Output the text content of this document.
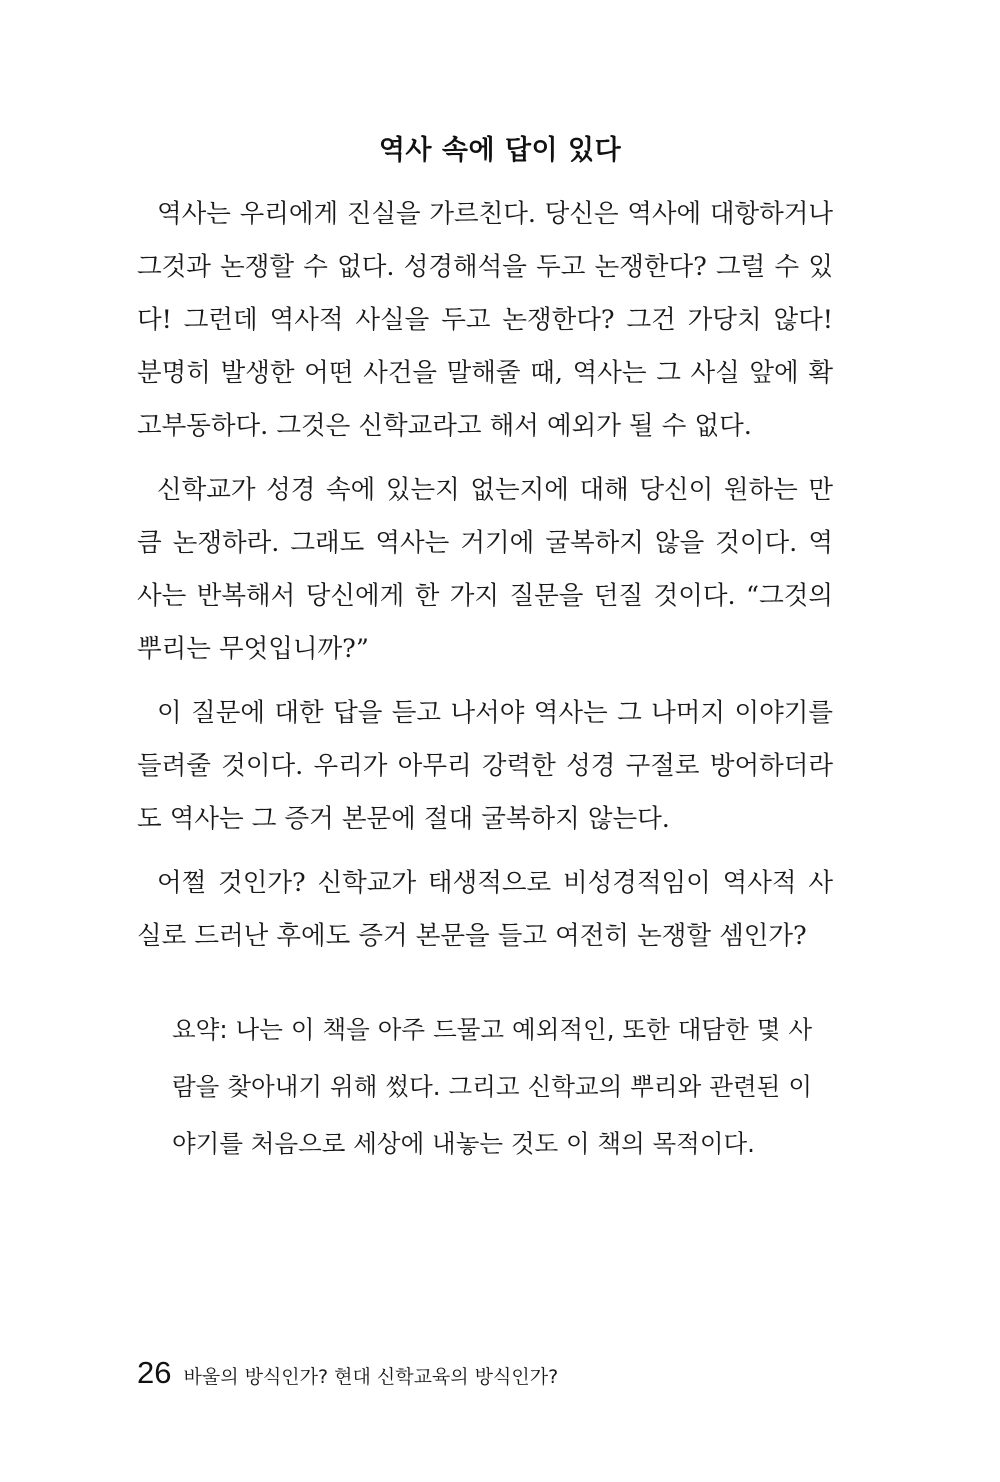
역사 속에 답이 있다

역사는 우리에게 진실을 가르친다. 당신은 역사에 대항하거나 그것과 논쟁할 수 없다. 성경해석을 두고 논쟁한다? 그럴 수 있다! 그런데 역사적 사실을 두고 논쟁한다? 그건 가당치 않다! 분명히 발생한 어떤 사건을 말해줄 때, 역사는 그 사실 앞에 확고부동하다. 그것은 신학교라고 해서 예외가 될 수 없다.

신학교가 성경 속에 있는지 없는지에 대해 당신이 원하는 만큼 논쟁하라. 그래도 역사는 거기에 굴복하지 않을 것이다. 역사는 반복해서 당신에게 한 가지 질문을 던질 것이다. “그것의 뿌리는 무엇입니까?”

이 질문에 대한 답을 듣고 나서야 역사는 그 나머지 이야기를 들려줄 것이다. 우리가 아무리 강력한 성경 구절로 방어하더라도 역사는 그 증거 본문에 절대 굴복하지 않는다.

어쩔 것인가? 신학교가 태생적으로 비성경적임이 역사적 사실로 드러난 후에도 증거 본문을 들고 여전히 논쟁할 셈인가?

요약: 나는 이 책을 아주 드물고 예외적인, 또한 대담한 몇 사람을 찾아내기 위해 썼다. 그리고 신학교의 뿌리와 관련된 이야기를 처음으로 세상에 내놓는 것도 이 책의 목적이다.

26 바울의 방식인가? 현대 신학교육의 방식인가?
